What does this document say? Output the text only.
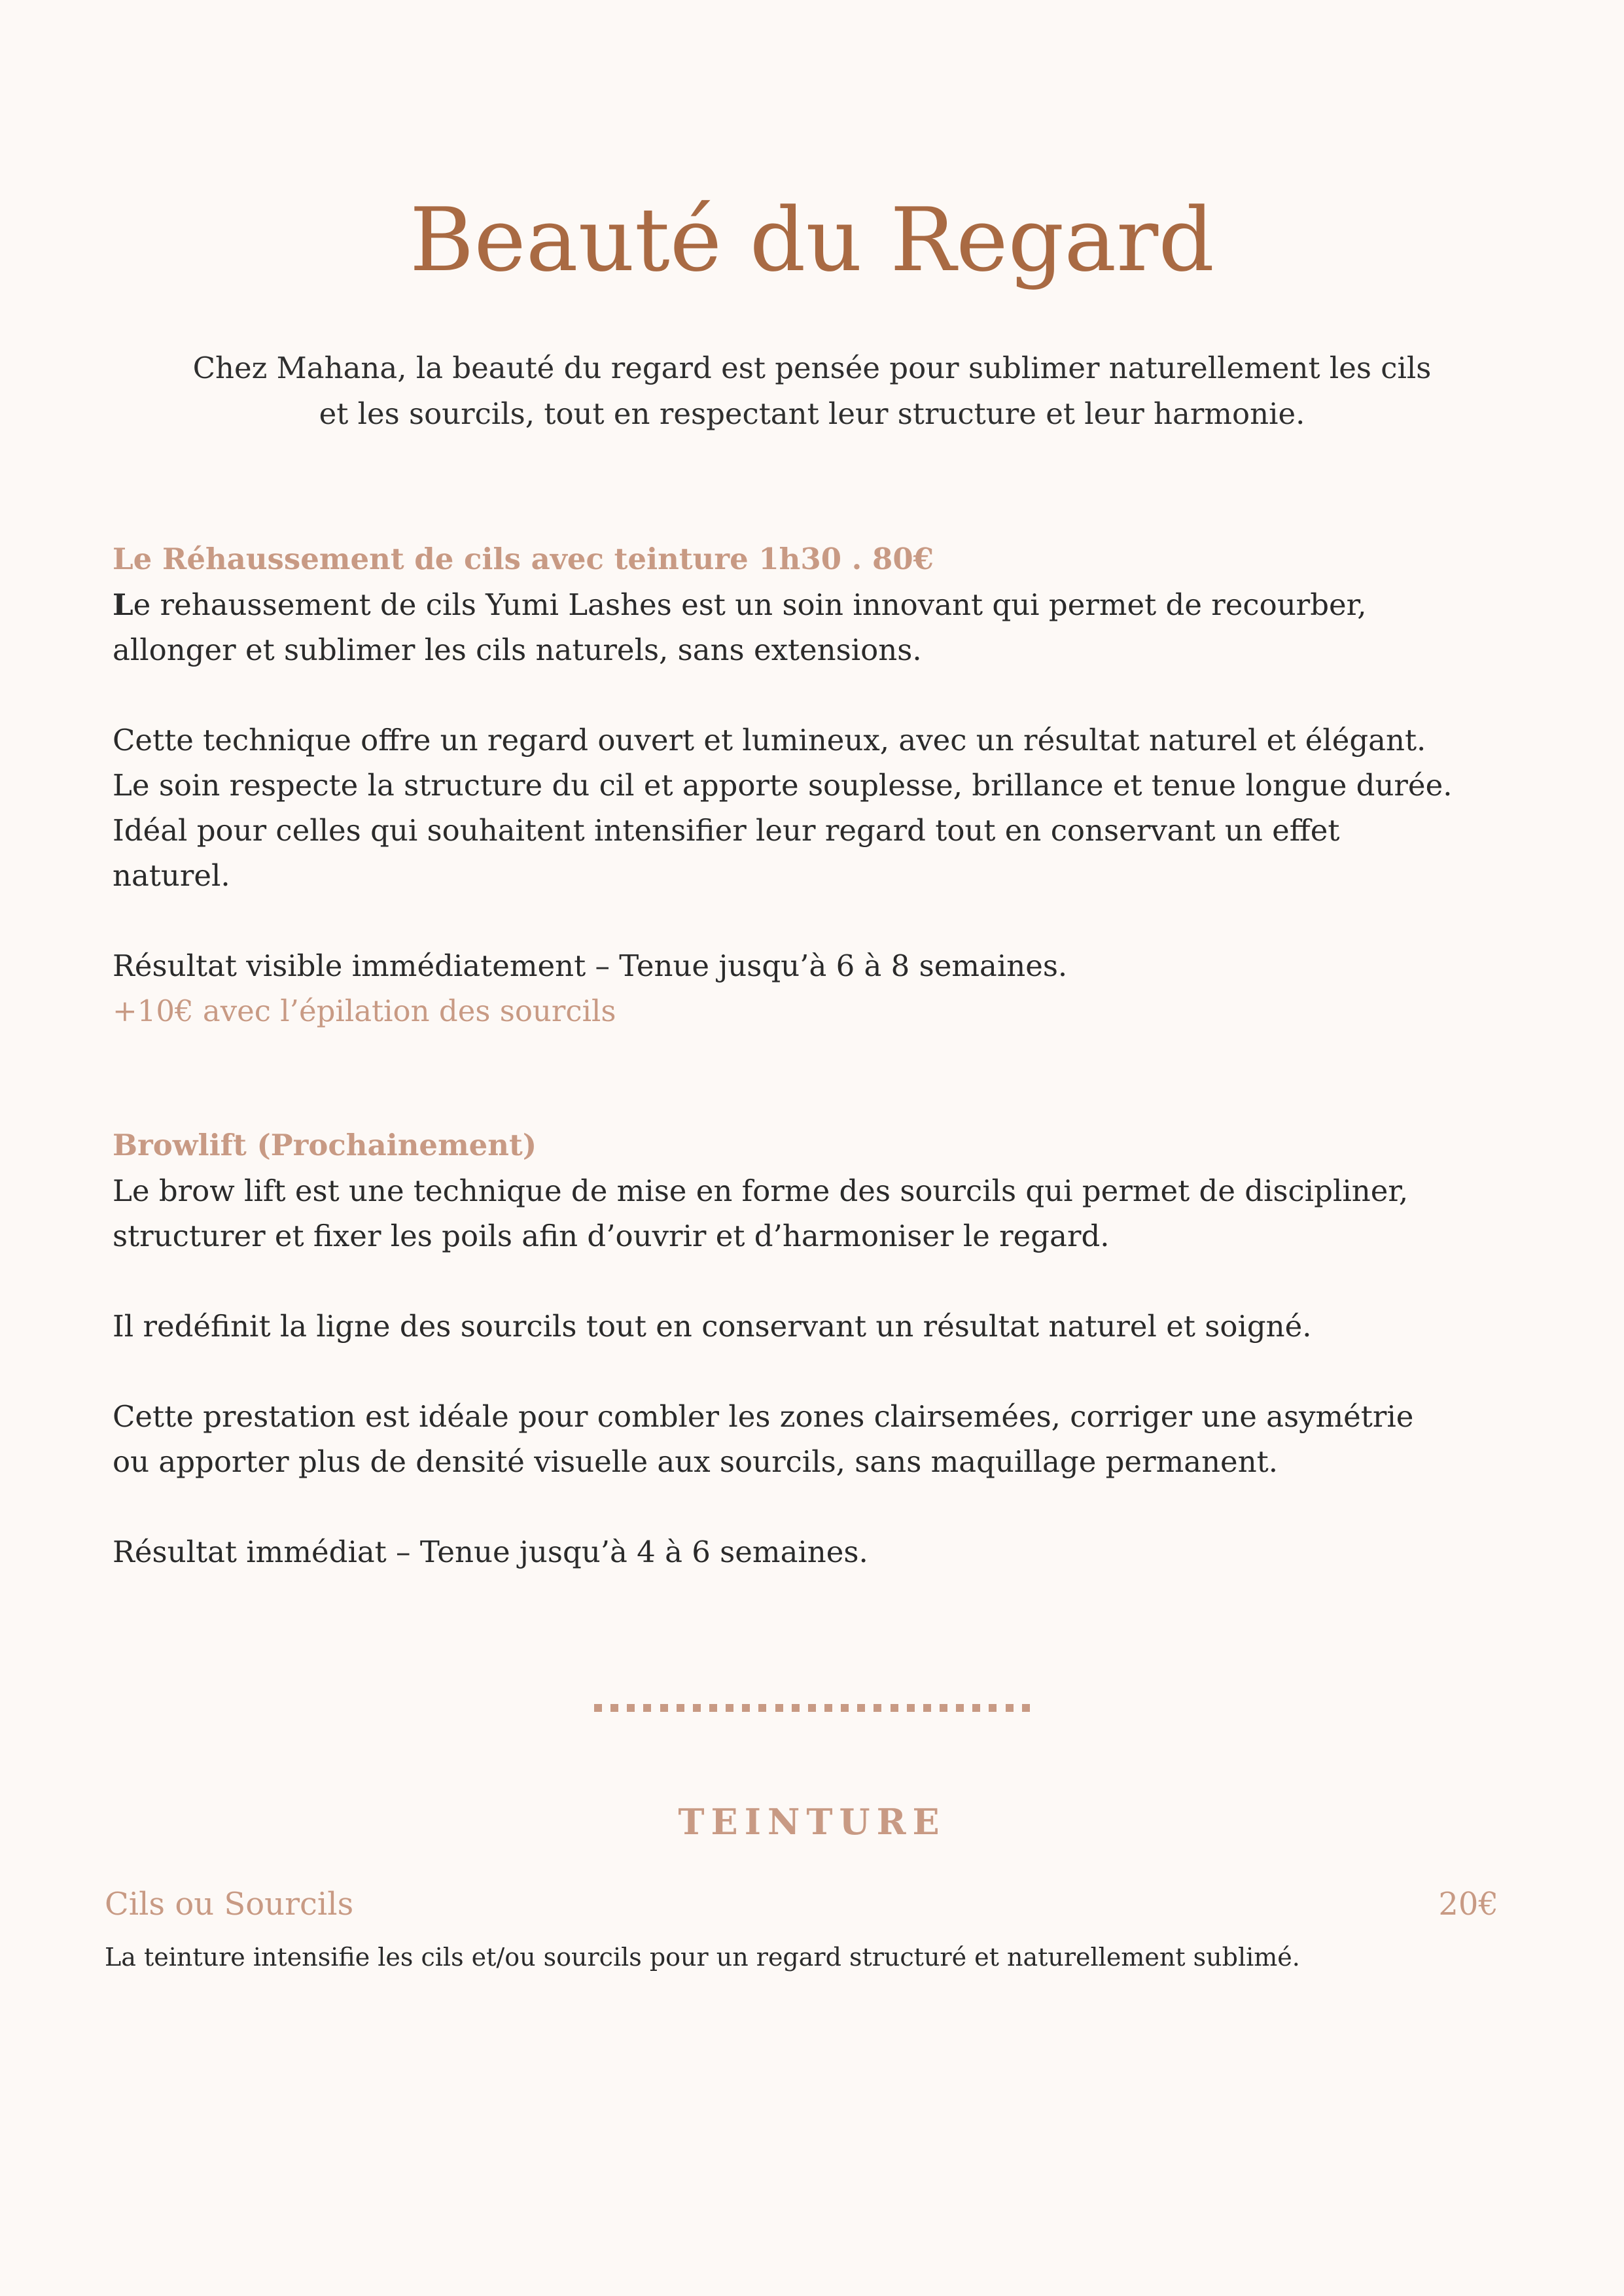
Beauté du Regard
Chez Mahana, la beauté du regard est pensée pour sublimer naturellement les cils
et les sourcils, tout en respectant leur structure et leur harmonie.
Le Réhaussement de cils avec teinture 1h30 . 80€
Le rehaussement de cils Yumi Lashes est un soin innovant qui permet de recourber,
allonger et sublimer les cils naturels, sans extensions.
Cette technique offre un regard ouvert et lumineux, avec un résultat naturel et élégant.
Le soin respecte la structure du cil et apporte souplesse, brillance et tenue longue durée.
Idéal pour celles qui souhaitent intensifier leur regard tout en conservant un effet
naturel.
Résultat visible immédiatement – Tenue jusqu’à 6 à 8 semaines.
+10€ avec l’épilation des sourcils
Browlift (Prochainement)
Le brow lift est une technique de mise en forme des sourcils qui permet de discipliner,
structurer et fixer les poils afin d’ouvrir et d’harmoniser le regard.
Il redéfinit la ligne des sourcils tout en conservant un résultat naturel et soigné.
Cette prestation est idéale pour combler les zones clairsemées, corriger une asymétrie
ou apporter plus de densité visuelle aux sourcils, sans maquillage permanent.
Résultat immédiat – Tenue jusqu’à 4 à 6 semaines.
TEINTURE
Cils ou Sourcils	20€
La teinture intensifie les cils et/ou sourcils pour un regard structuré et naturellement sublimé.
